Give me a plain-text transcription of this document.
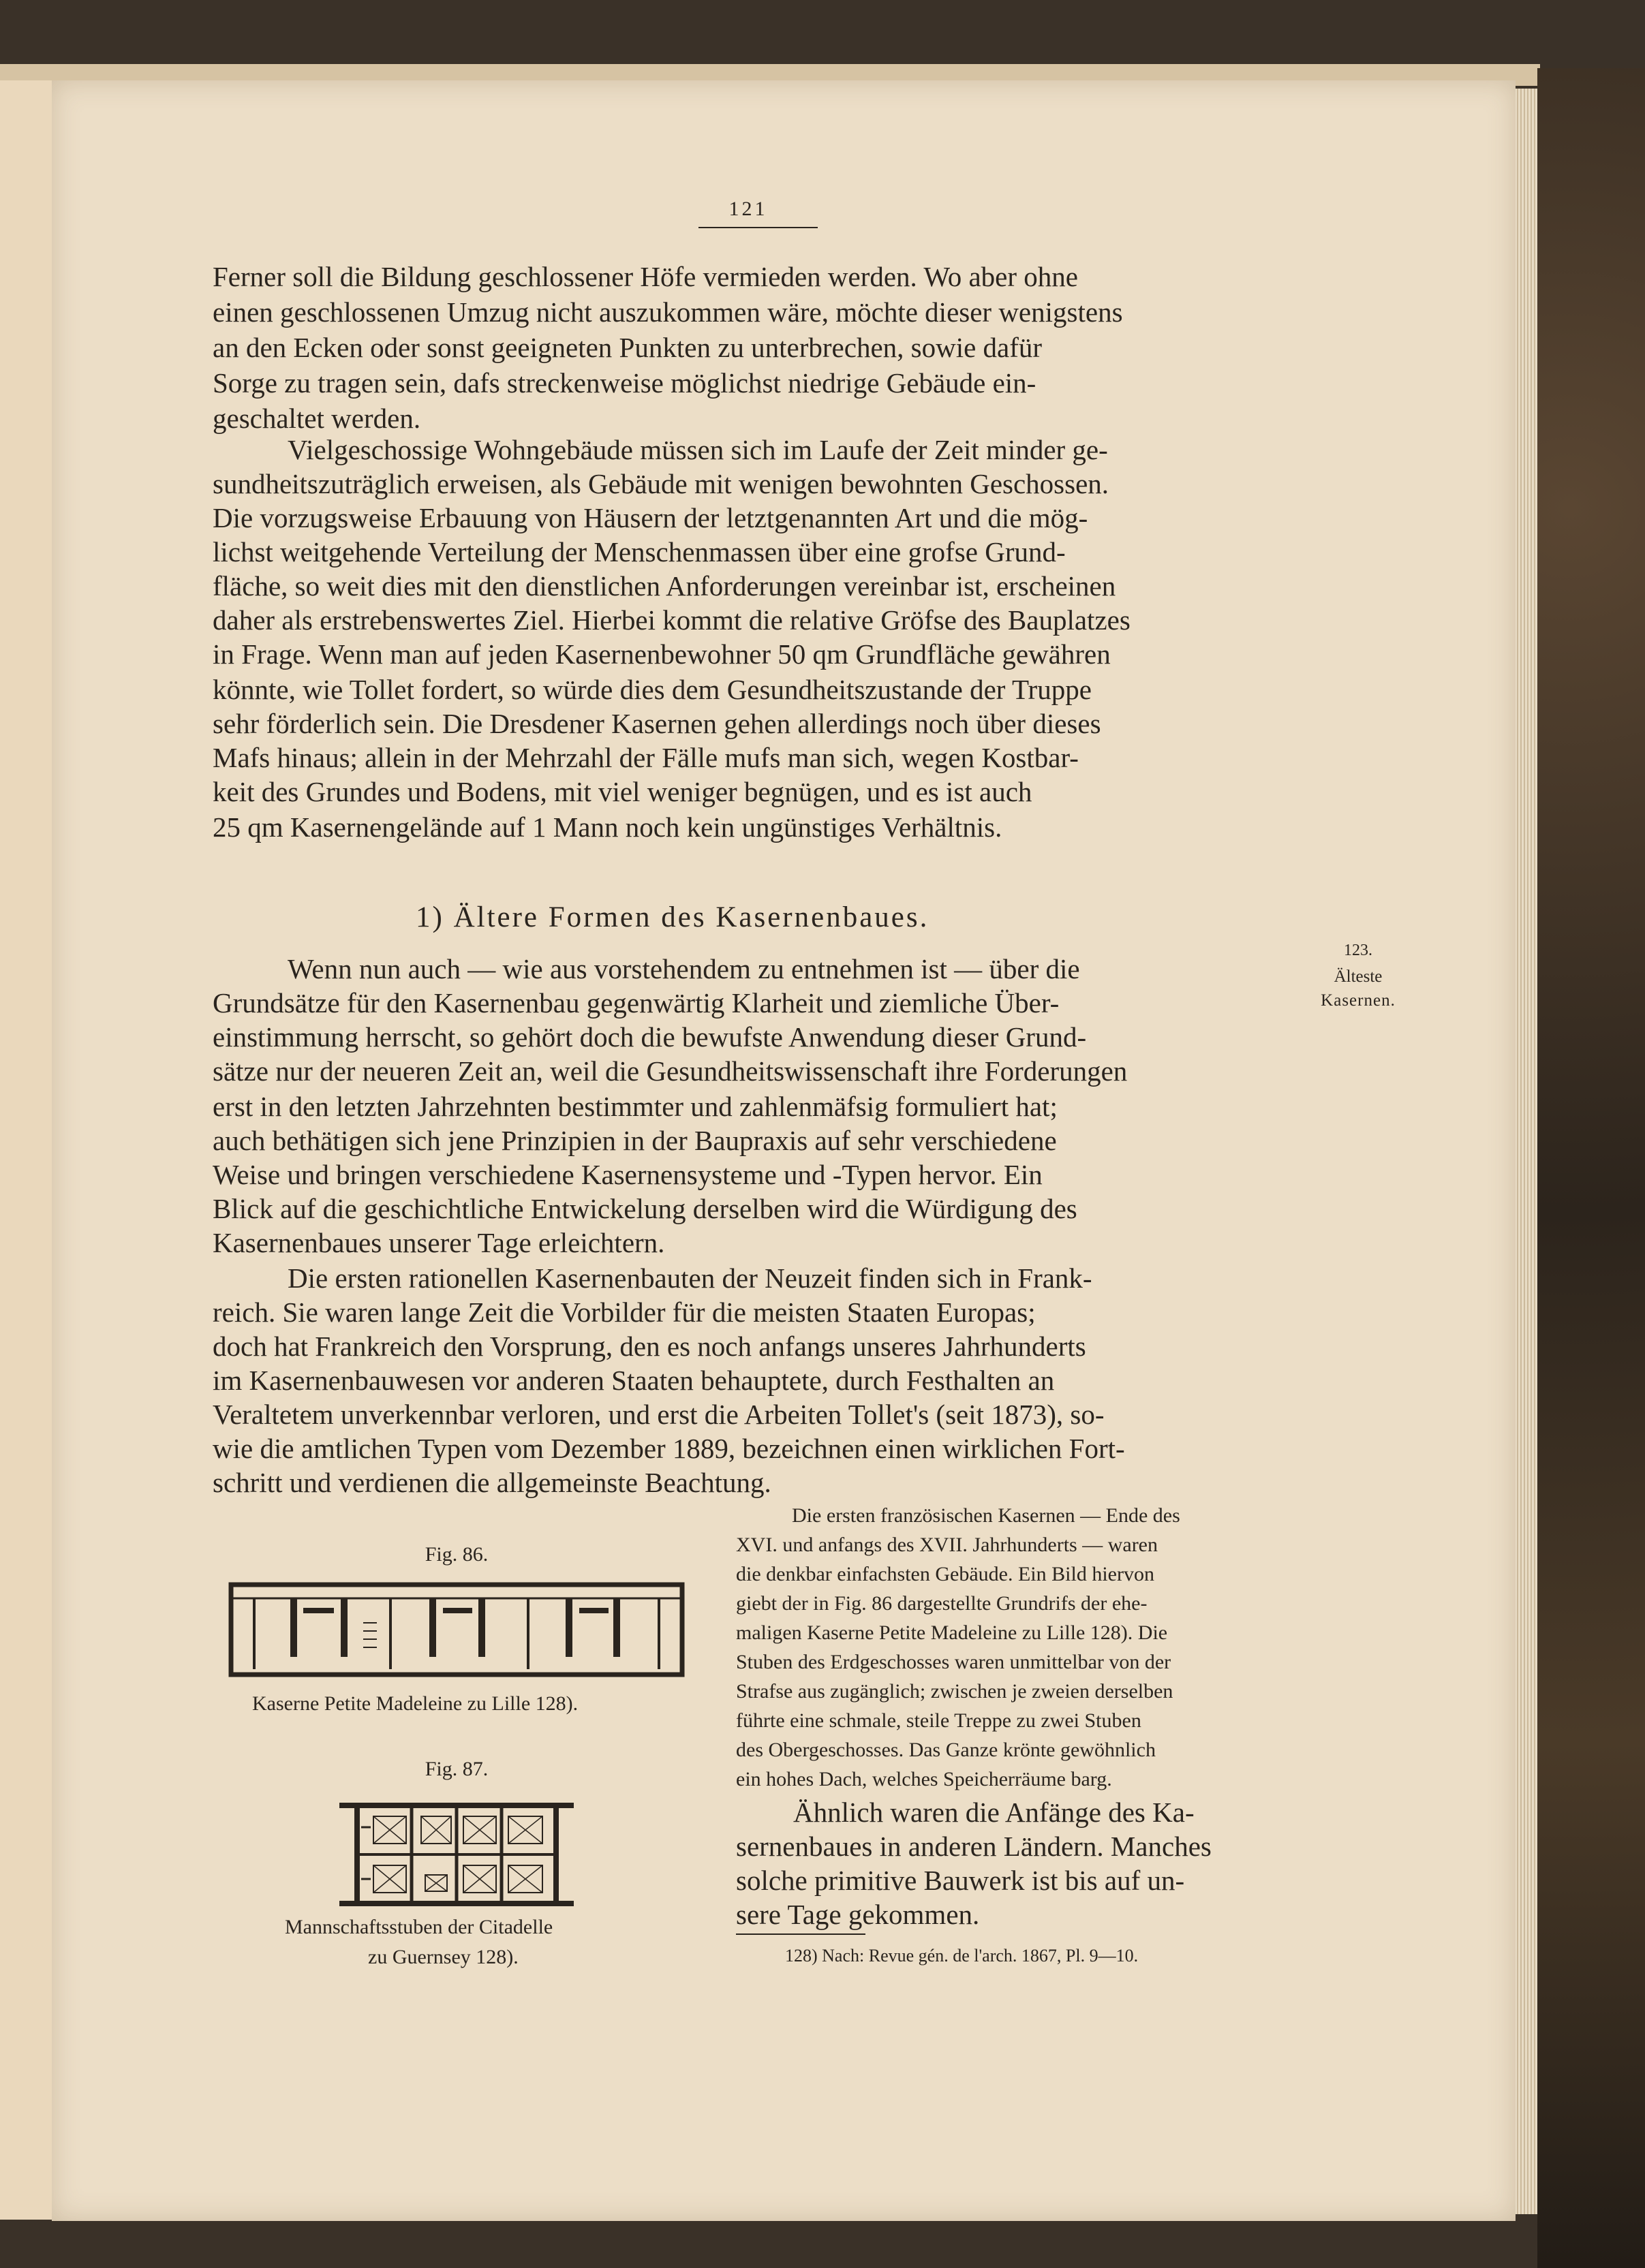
121
Ferner soll die Bildung geschlossener Höfe vermieden werden. Wo aber ohne
einen geschlossenen Umzug nicht auszukommen wäre, möchte dieser wenigstens
an den Ecken oder sonst geeigneten Punkten zu unterbrechen, sowie dafür
Sorge zu tragen sein, dafs streckenweise möglichst niedrige Gebäude ein-
geschaltet werden.
Vielgeschossige Wohngebäude müssen sich im Laufe der Zeit minder ge-
sundheitszuträglich erweisen, als Gebäude mit wenigen bewohnten Geschossen.
Die vorzugsweise Erbauung von Häusern der letztgenannten Art und die mög-
lichst weitgehende Verteilung der Menschenmassen über eine grofse Grund-
fläche, so weit dies mit den dienstlichen Anforderungen vereinbar ist, erscheinen
daher als erstrebenswertes Ziel. Hierbei kommt die relative Gröfse des Bauplatzes
in Frage. Wenn man auf jeden Kasernenbewohner 50 qm Grundfläche gewähren
könnte, wie Tollet fordert, so würde dies dem Gesundheitszustande der Truppe
sehr förderlich sein. Die Dresdener Kasernen gehen allerdings noch über dieses
Mafs hinaus; allein in der Mehrzahl der Fälle mufs man sich, wegen Kostbar-
keit des Grundes und Bodens, mit viel weniger begnügen, und es ist auch
25 qm Kasernengelände auf 1 Mann noch kein ungünstiges Verhältnis.
1) Ältere Formen des Kasernenbaues.
123.
Älteste
Kasernen.
Wenn nun auch — wie aus vorstehendem zu entnehmen ist — über die
Grundsätze für den Kasernenbau gegenwärtig Klarheit und ziemliche Über-
einstimmung herrscht, so gehört doch die bewufste Anwendung dieser Grund-
sätze nur der neueren Zeit an, weil die Gesundheitswissenschaft ihre Forderungen
erst in den letzten Jahrzehnten bestimmter und zahlenmäfsig formuliert hat;
auch bethätigen sich jene Prinzipien in der Baupraxis auf sehr verschiedene
Weise und bringen verschiedene Kasernensysteme und -Typen hervor. Ein
Blick auf die geschichtliche Entwickelung derselben wird die Würdigung des
Kasernenbaues unserer Tage erleichtern.
Die ersten rationellen Kasernenbauten der Neuzeit finden sich in Frank-
reich. Sie waren lange Zeit die Vorbilder für die meisten Staaten Europas;
doch hat Frankreich den Vorsprung, den es noch anfangs unseres Jahrhunderts
im Kasernenbauwesen vor anderen Staaten behauptete, durch Festhalten an
Veraltetem unverkennbar verloren, und erst die Arbeiten Tollet's (seit 1873), so-
wie die amtlichen Typen vom Dezember 1889, bezeichnen einen wirklichen Fort-
schritt und verdienen die allgemeinste Beachtung.
Die ersten französischen Kasernen — Ende des
XVI. und anfangs des XVII. Jahrhunderts — waren
die denkbar einfachsten Gebäude. Ein Bild hiervon
giebt der in Fig. 86 dargestellte Grundrifs der ehe-
maligen Kaserne Petite Madeleine zu Lille 128). Die
Stuben des Erdgeschosses waren unmittelbar von der
Strafse aus zugänglich; zwischen je zweien derselben
führte eine schmale, steile Treppe zu zwei Stuben
des Obergeschosses. Das Ganze krönte gewöhnlich
ein hohes Dach, welches Speicherräume barg.
Ähnlich waren die Anfänge des Ka-
sernenbaues in anderen Ländern. Manches
solche primitive Bauwerk ist bis auf un-
sere Tage gekommen.
128) Nach: Revue gén. de l'arch. 1867, Pl. 9—10.
Fig. 86.
Kaserne Petite Madeleine zu Lille 128).
Fig. 87.
Mannschaftsstuben der Citadelle
zu Guernsey 128).
